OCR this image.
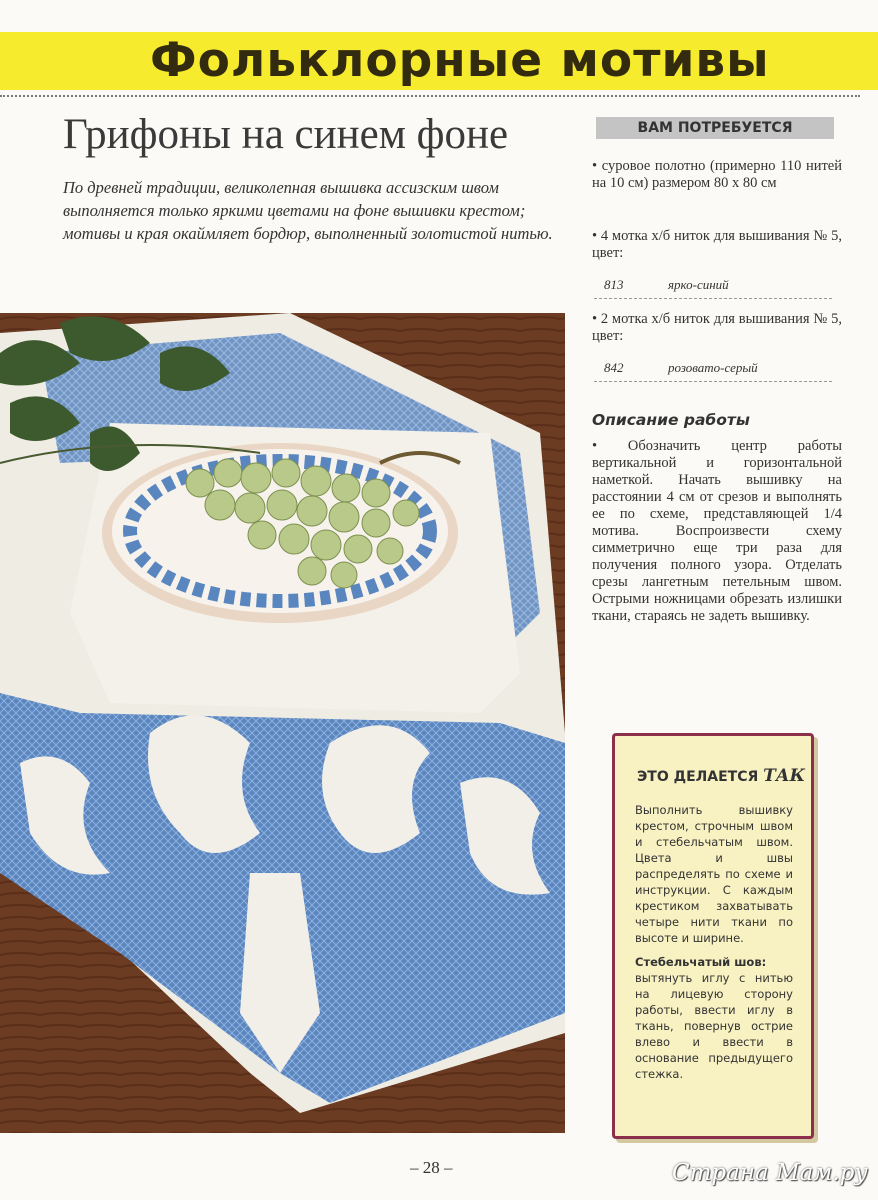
Фольклорные мотивы
Грифоны на синем фоне
По древней традиции, великолепная вышивка ассизским швом выполняется только яркими цветами на фоне вышивки крестом; мотивы и края окаймляет бордюр, выполненный золотистой нитью.
ВАМ ПОТРЕБУЕТСЯ
• суровое полотно (примерно 110 нитей на 10 см) размером 80 х 80 см
• 4 мотка х/б ниток для вышивания № 5, цвет:
813	ярко-синий
• 2 мотка х/б ниток для вышивания № 5, цвет:
842	розовато-серый
Описание работы
• Обозначить центр работы вертикальной и горизонтальной наметкой. Начать вышивку на расстоянии 4 см от срезов и выполнять ее по схеме, представляющей 1/4 мотива. Воспроизвести схему симметрично еще три раза для получения полного узора. Отделать срезы лангетным петельным швом. Острыми ножницами обрезать излишки ткани, стараясь не задеть вышивку.
ЭТО ДЕЛАЕТСЯ ТАК
Выполнить вышивку крестом, строчным швом и стебельчатым швом. Цвета и швы распределять по схеме и инструкции. С каждым крестиком захватывать четыре нити ткани по высоте и ширине.
Стебельчатый шов:
вытянуть иглу с нитью на лицевую сторону работы, ввести иглу в ткань, повернув острие влево и ввести в основание предыдущего стежка.
– 28 –	Страна Мам.ру
